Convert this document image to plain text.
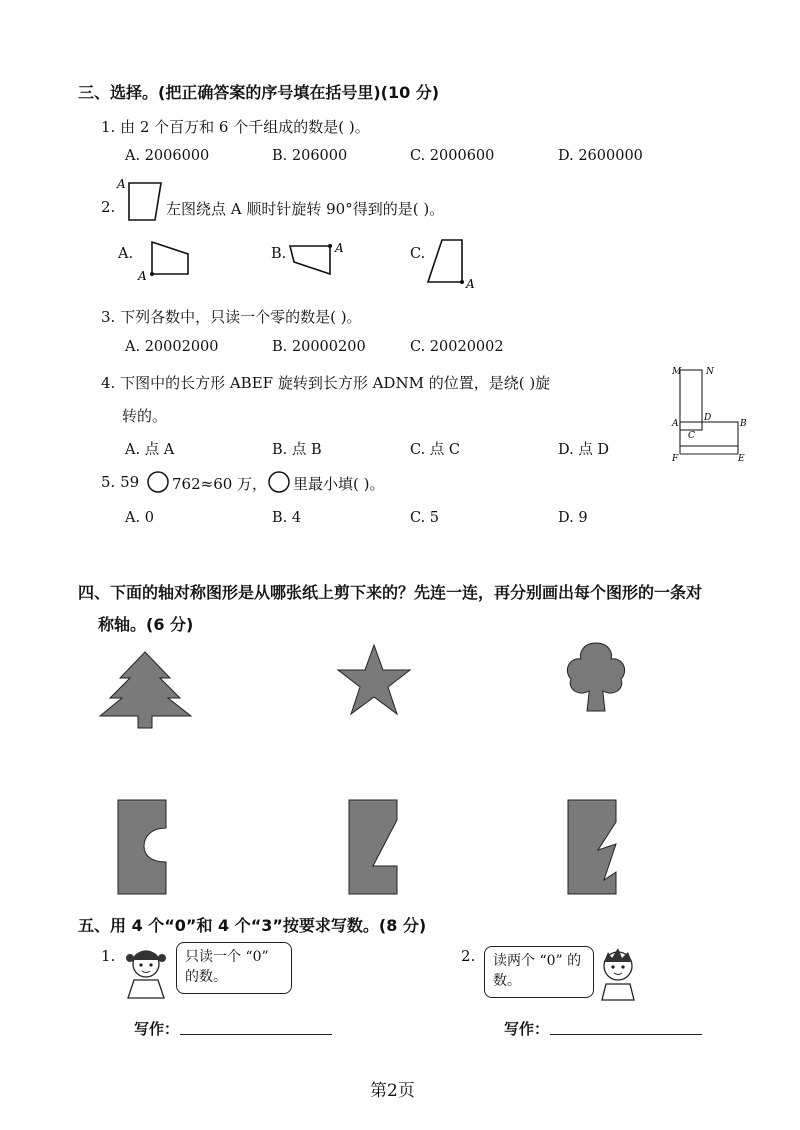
三、选择。(把正确答案的序号填在括号里)(10 分)
1. 由 2 个百万和 6 个千组成的数是( )。
A. 2006000	B. 206000	C. 2000600	D. 2600000
2.
A
左图绕点 A 顺时针旋转 90°得到的是( )。
A.
A
B.	A	C.
A
3. 下列各数中，只读一个零的数是( )。
A. 20002000	B. 20000200	C. 20020002
4. 下图中的长方形 ABEF 旋转到长方形 ADNM 的位置，是绕( )旋
转的。
A. 点 A	B. 点 B	C. 点 C	D. 点 D
M	N
D
A
C
B
F	E
5. 59 762≈60 万， 里最小填( )。
A. 0	B. 4	C. 5	D. 9
四、下面的轴对称图形是从哪张纸上剪下来的？先连一连，再分别画出每个图形的一条对
称轴。(6 分)
五、用 4 个“0”和 4 个“3”按要求写数。(8 分)
1.	只读一个 “0” 的数。
写作：
2.	读两个 “0” 的数。
写作：
第2页
